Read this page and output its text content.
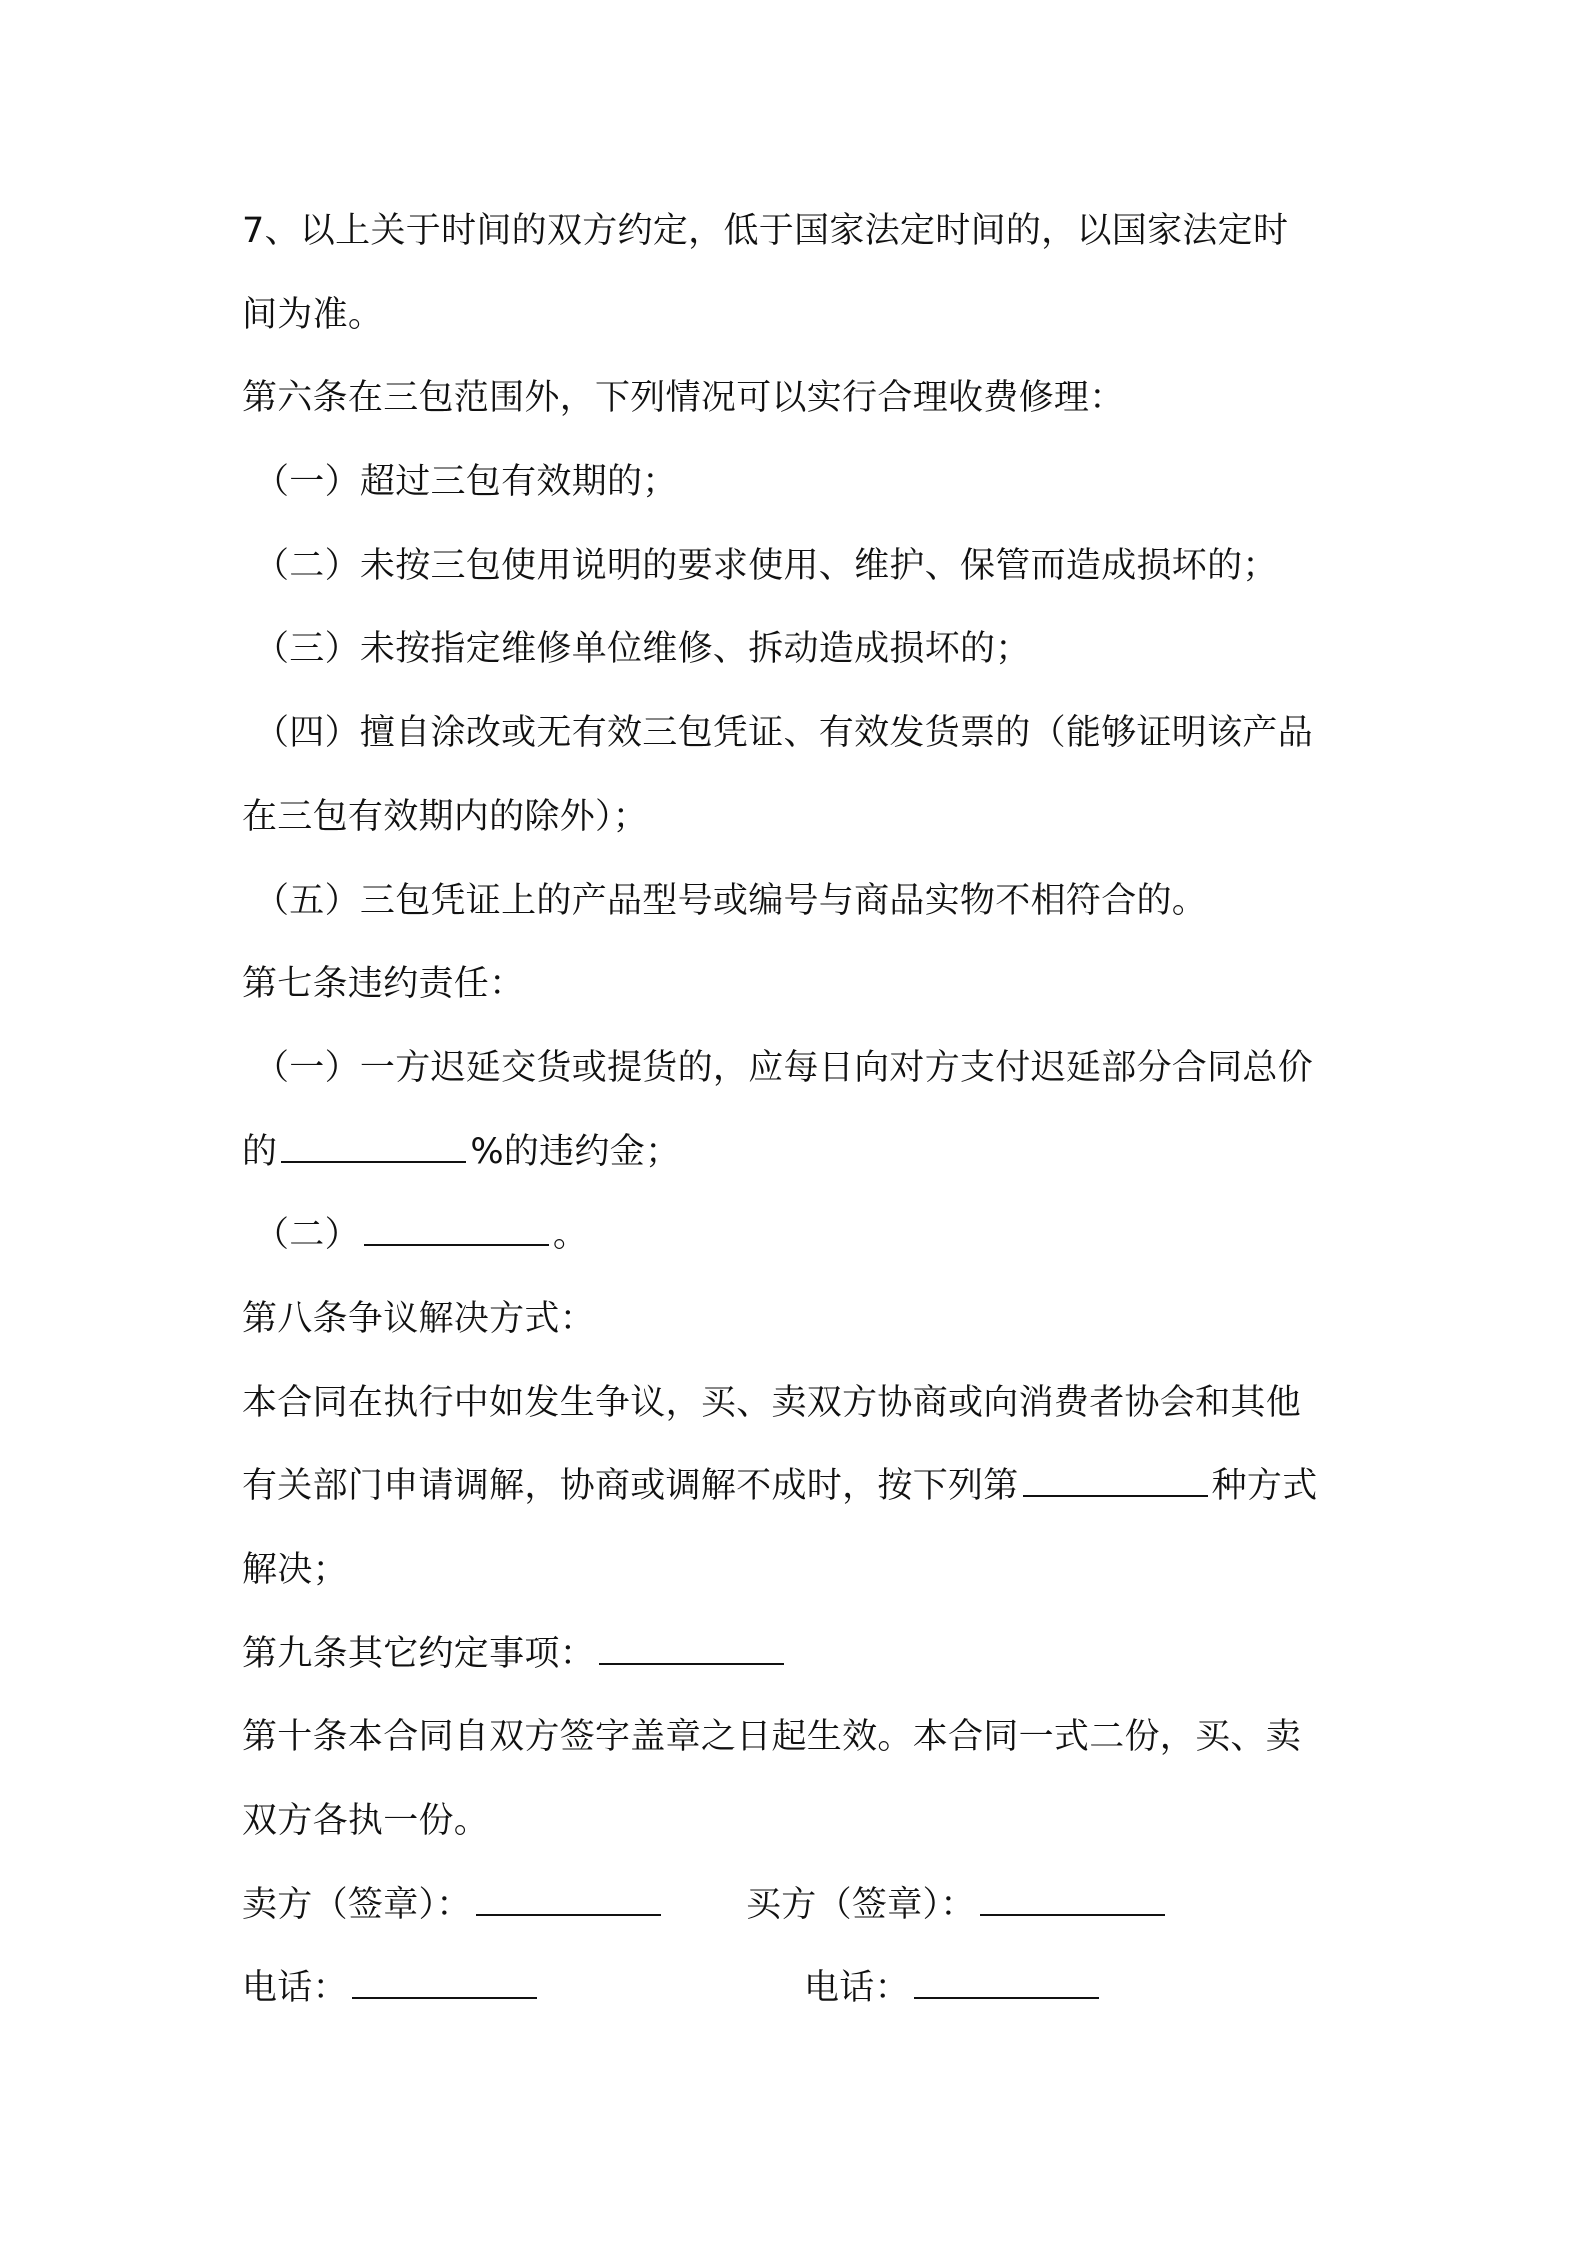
7、以上关于时间的双方约定，低于国家法定时间的，以国家法定时
间为准。
第六条在三包范围外，下列情况可以实行合理收费修理：
（一）超过三包有效期的；
（二）未按三包使用说明的要求使用、维护、保管而造成损坏的；
（三）未按指定维修单位维修、拆动造成损坏的；
（四）擅自涂改或无有效三包凭证、有效发货票的（能够证明该产品
在三包有效期内的除外）；
（五）三包凭证上的产品型号或编号与商品实物不相符合的。
第七条违约责任：
（一）一方迟延交货或提货的，应每日向对方支付迟延部分合同总价
的	%的违约金；
（二）	。
第八条争议解决方式：
本合同在执行中如发生争议，买、卖双方协商或向消费者协会和其他
有关部门申请调解，协商或调解不成时，按下列第	种方式
解决；
第九条其它约定事项：
第十条本合同自双方签字盖章之日起生效。本合同一式二份，买、卖
双方各执一份。
卖方（签章）：	买方（签章）：
电话：	电话：
